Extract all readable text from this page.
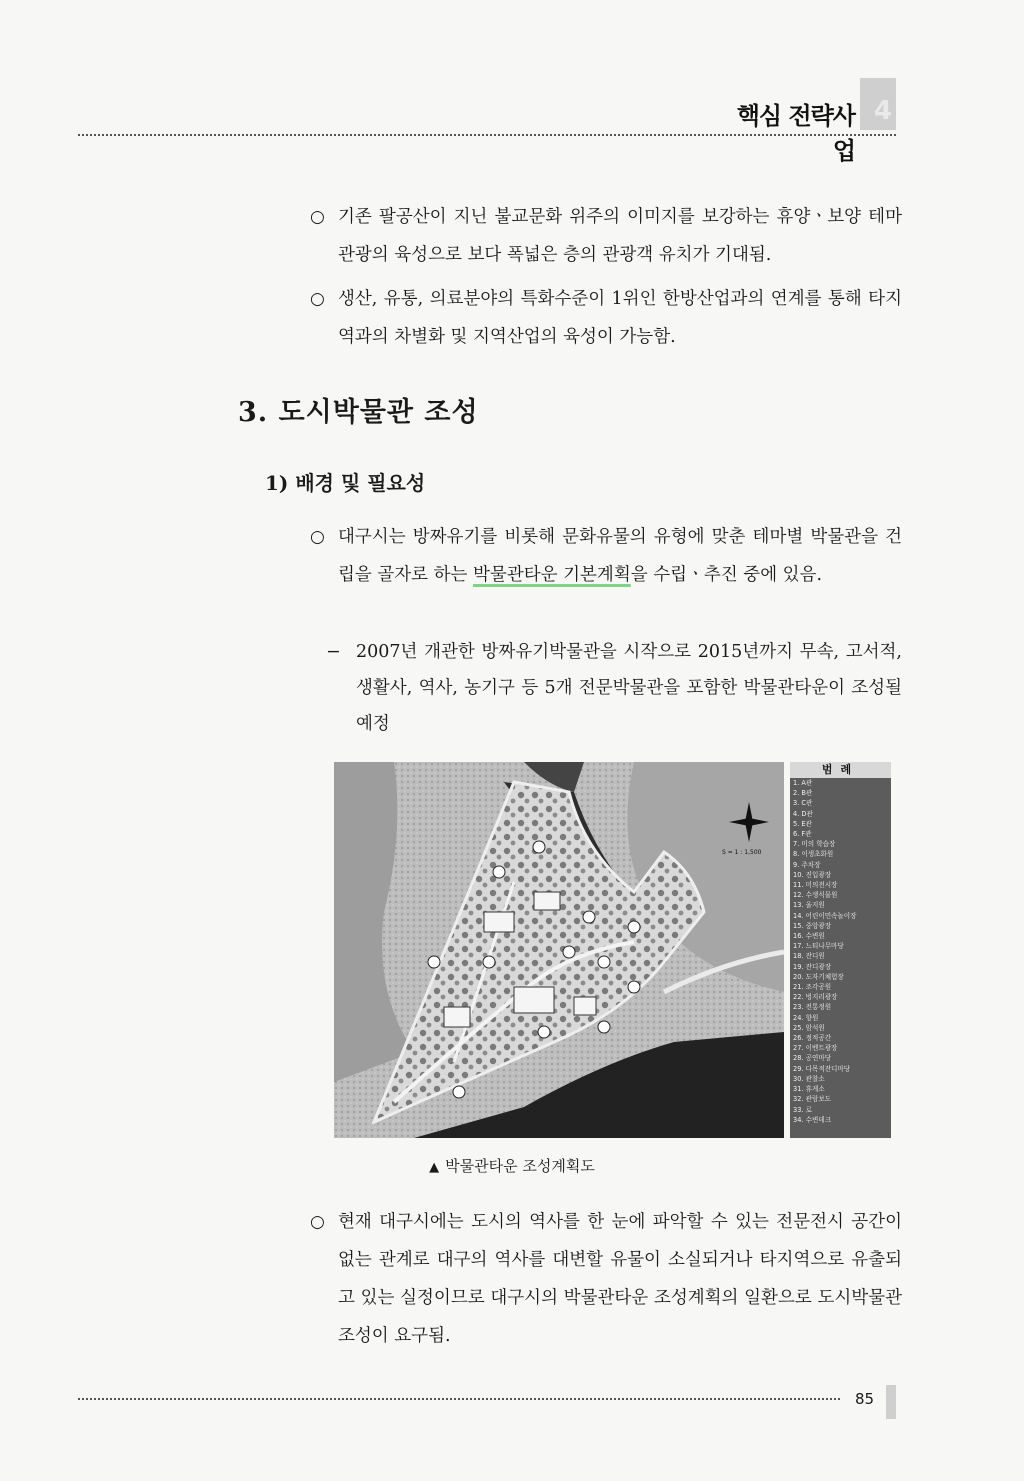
핵심 전략사업
4
○ 기존 팔공산이 지닌 불교문화 위주의 이미지를 보강하는 휴양ㆍ보양 테마관광의 육성으로 보다 폭넓은 층의 관광객 유치가 기대됨.
○ 생산, 유통, 의료분야의 특화수준이 1위인 한방산업과의 연계를 통해 타지역과의 차별화 및 지역산업의 육성이 가능함.
3. 도시박물관 조성
1) 배경 및 필요성
○ 대구시는 방짜유기를 비롯해 문화유물의 유형에 맞춘 테마별 박물관을 건립을 골자로 하는 박물관타운 기본계획을 수립ㆍ추진 중에 있음.
− 2007년 개관한 방짜유기박물관을 시작으로 2015년까지 무속, 고서적, 생활사, 역사, 농기구 등 5개 전문박물관을 포함한 박물관타운이 조성될 예정
S = 1 : 1,500
범례
1. A관
2. B관
3. C관
4. D관
5. E관
6. F관
7. 미의 학습장
8. 이생초화원
9. 주차장
10. 진입광장
11. 미의전시장
12. 수생식물원
13. 울지원
14. 어린이민속놀이장
15. 중앙광장
16. 수변원
17. 느티나무마당
18. 잔디원
19. 잔디광장
20. 도자기체험장
21. 조각공원
22. 벙지리광장
23. 전통정원
24. 향원
25. 암석원
26. 정적공간
27. 이벤트광장
28. 공연마당
29. 다목적잔디마당
30. 관찰소
31. 휴게소
32. 관람보도
33. 로
34. 수변데크
▲ 박물관타운 조성계획도
○ 현재 대구시에는 도시의 역사를 한 눈에 파악할 수 있는 전문전시 공간이 없는 관계로 대구의 역사를 대변할 유물이 소실되거나 타지역으로 유출되고 있는 실정이므로 대구시의 박물관타운 조성계획의 일환으로 도시박물관 조성이 요구됨.
85
